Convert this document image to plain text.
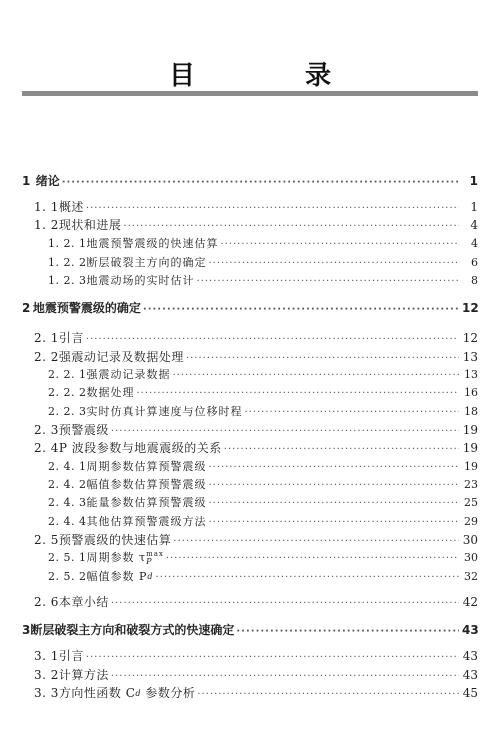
目　录
1 绪论 ·····	1
1. 1 概述 ·····	1
1. 2 现状和进展 ·····	4
1. 2. 1 地震预警震级的快速估算 ·····	4
1. 2. 2 断层破裂主方向的确定 ·····	6
1. 2. 3 地震动场的实时估计 ·····	8
2 地震预警震级的确定 ·····	12
2. 1 引言 ·····	12
2. 2 强震动记录及数据处理 ·····	13
2. 2. 1 强震动记录数据 ·····	13
2. 2. 2 数据处理 ·····	16
2. 2. 3 实时仿真计算速度与位移时程 ·····	18
2. 3 预警震级 ·····	19
2. 4 P 波段参数与地震震级的关系 ·····	19
2. 4. 1 周期参数估算预警震级 ·····	19
2. 4. 2 幅值参数估算预警震级 ·····	23
2. 4. 3 能量参数估算预警震级 ·····	25
2. 4. 4 其他估算预警震级方法 ·····	29
2. 5 预警震级的快速估算 ·····	30
2. 5. 1 周期参数 τ max
P ·····	30
2. 5. 2 幅值参数 P d ·····	32
2. 6 本章小结 ·····	42
3 断层破裂主方向和破裂方式的快速确定 ·····	43
3. 1 引言 ·····	43
3. 2 计算方法 ·····	43
3. 3 方向性函数 C d 参数分析 ·····	45
